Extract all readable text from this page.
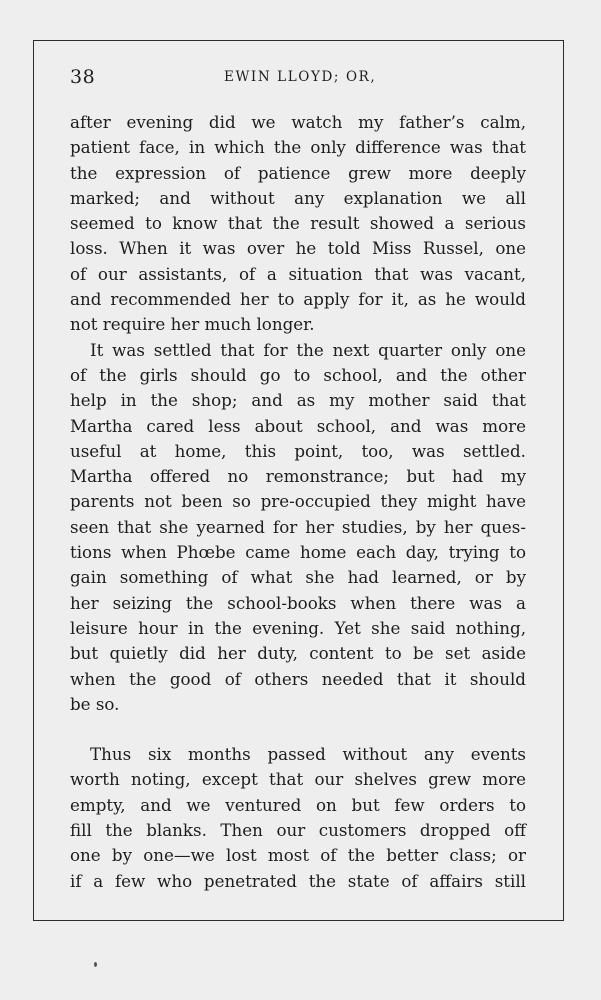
38	EWIN LLOYD; OR,
after evening did we watch my father’s calm,
patient face, in which the only difference was that
the expression of patience grew more deeply
marked; and without any explanation we all
seemed to know that the result showed a serious
loss. When it was over he told Miss Russel, one
of our assistants, of a situation that was vacant,
and recommended her to apply for it, as he would
not require her much longer.
It was settled that for the next quarter only one
of the girls should go to school, and the other
help in the shop; and as my mother said that
Martha cared less about school, and was more
useful at home, this point, too, was settled.
Martha offered no remonstrance; but had my
parents not been so pre-occupied they might have
seen that she yearned for her studies, by her ques-
tions when Phœbe came home each day, trying to
gain something of what she had learned, or by
her seizing the school-books when there was a
leisure hour in the evening. Yet she said nothing,
but quietly did her duty, content to be set aside
when the good of others needed that it should
be so.
Thus six months passed without any events
worth noting, except that our shelves grew more
empty, and we ventured on but few orders to
fill the blanks. Then our customers dropped off
one by one—we lost most of the better class; or
if a few who penetrated the state of affairs still
